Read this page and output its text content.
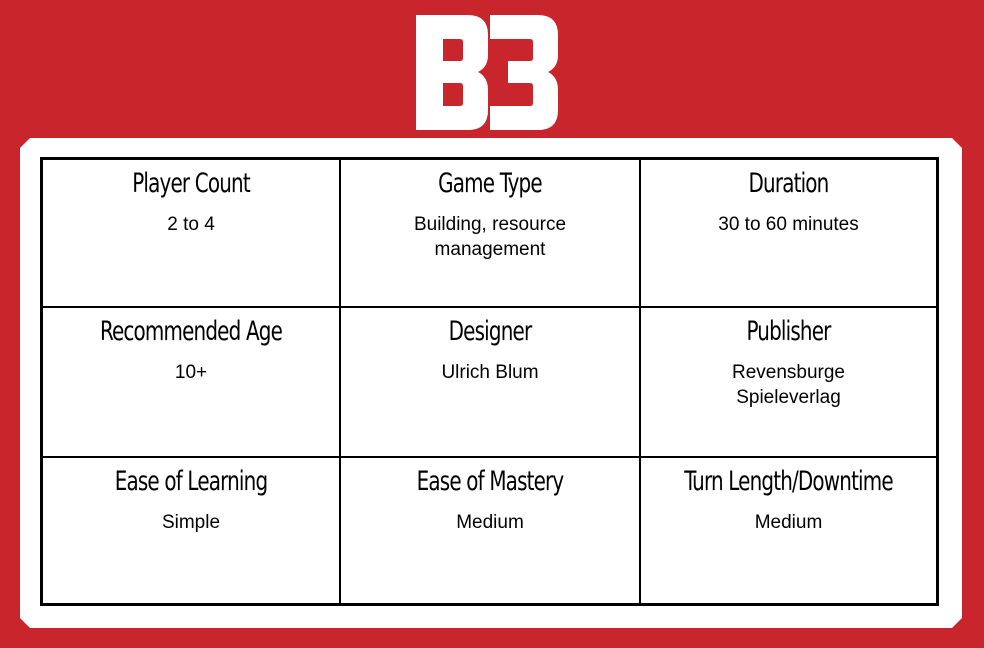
Player Count
2 to 4
Game Type
Building, resource management
Duration
30 to 60 minutes
Recommended Age
10+
Designer
Ulrich Blum
Publisher
Revensburge Spieleverlag
Ease of Learning
Simple
Ease of Mastery
Medium
Turn Length/Downtime
Medium
